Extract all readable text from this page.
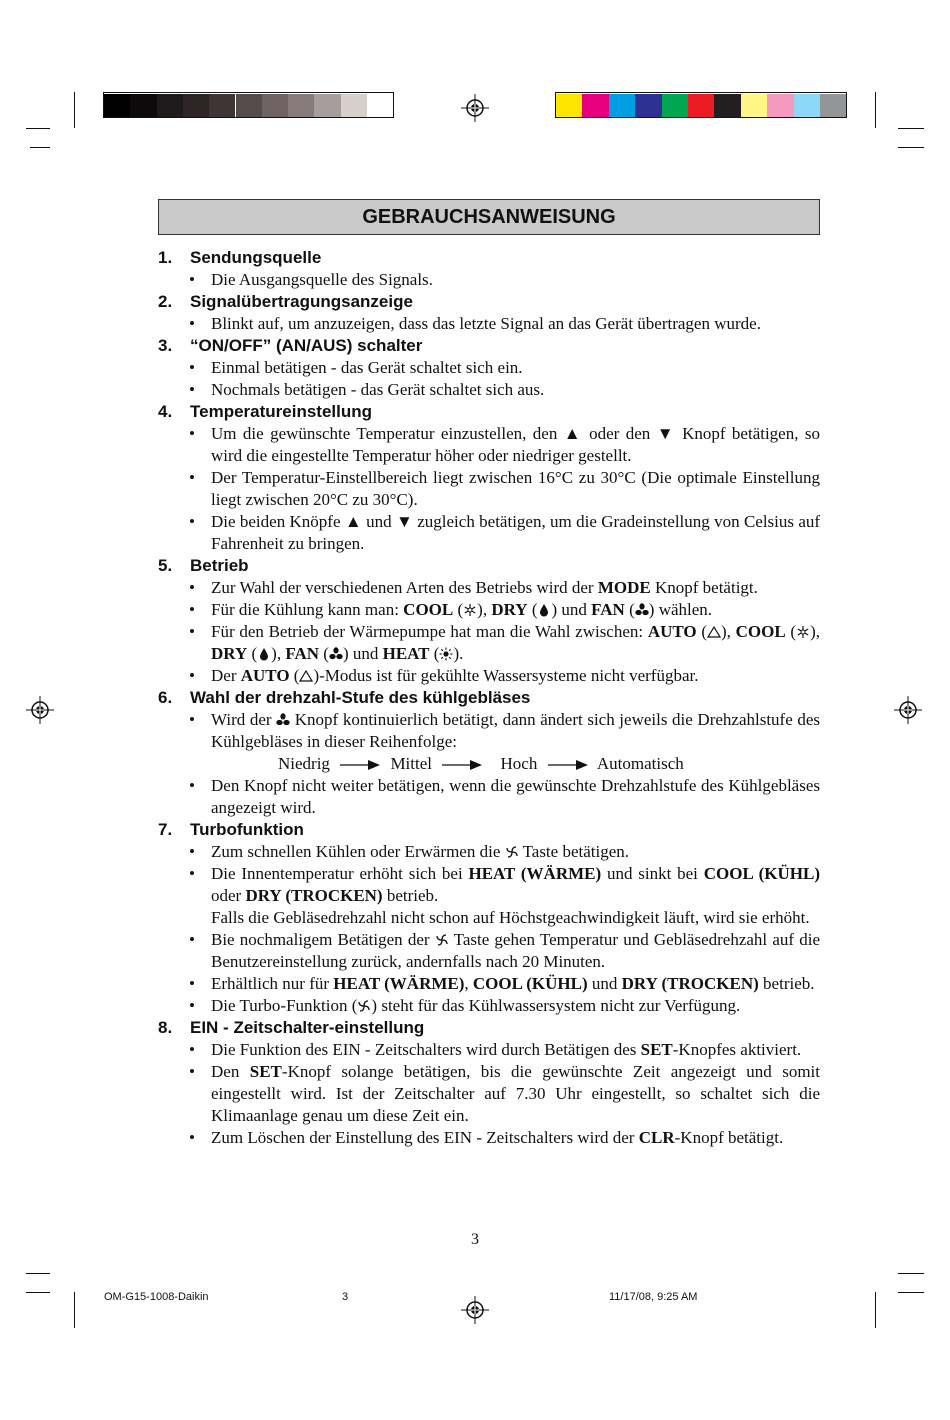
GEBRAUCHSANWEISUNG
1.	Sendungsquelle
• Die Ausgangsquelle des Signals.
2.	Signalübertragungsanzeige
• Blinkt auf, um anzuzeigen, dass das letzte Signal an das Gerät übertragen wurde.
3.	“ON/OFF” (AN/AUS) schalter
• Einmal betätigen - das Gerät schaltet sich ein.
• Nochmals betätigen - das Gerät schaltet sich aus.
4.	Temperatureinstellung
• Um die gewünschte Temperatur einzustellen, den ▲ oder den ▼ Knopf betätigen, so wird die eingestellte Temperatur höher oder niedriger gestellt.
• Der Temperatur-Einstellbereich liegt zwischen 16°C zu 30°C (Die optimale Einstellung liegt zwischen 20°C zu 30°C).
• Die beiden Knöpfe ▲ und ▼ zugleich betätigen, um die Gradeinstellung von Celsius auf Fahrenheit zu bringen.
5.	Betrieb
• Zur Wahl der verschiedenen Arten des Betriebs wird der MODE Knopf betätigt.
• Für die Kühlung kann man: COOL ( ), DRY ( ) und FAN ( ) wählen.
• Für den Betrieb der Wärmepumpe hat man die Wahl zwischen: AUTO ( ), COOL ( ), DRY ( ), FAN ( ) und HEAT ( ).
• Der AUTO ( )-Modus ist für gekühlte Wassersysteme nicht verfügbar.
6.	Wahl der drehzahl-Stufe des kühlgebläses
• Wird der Knopf kontinuierlich betätigt, dann ändert sich jeweils die Drehzahlstufe des Kühlgebläses in dieser Reihenfolge:
Niedrig	Mittel	Hoch	Automatisch
• Den Knopf nicht weiter betätigen, wenn die gewünschte Drehzahlstufe des Kühlgebläses angezeigt wird.
7.	Turbofunktion
• Zum schnellen Kühlen oder Erwärmen die Taste betätigen.
• Die Innentemperatur erhöht sich bei HEAT (WÄRME) und sinkt bei COOL (KÜHL) oder DRY (TROCKEN) betrieb.
Falls die Gebläsedrehzahl nicht schon auf Höchstgeachwindigkeit läuft, wird sie erhöht.
• Bie nochmaligem Betätigen der Taste gehen Temperatur und Gebläsedrehzahl auf die Benutzereinstellung zurück, andernfalls nach 20 Minuten.
• Erhältlich nur für HEAT (WÄRME), COOL (KÜHL) und DRY (TROCKEN) betrieb.
• Die Turbo-Funktion ( ) steht für das Kühlwassersystem nicht zur Verfügung.
8.	EIN - Zeitschalter-einstellung
• Die Funktion des EIN - Zeitschalters wird durch Betätigen des SET-Knopfes aktiviert.
• Den SET-Knopf solange betätigen, bis die gewünschte Zeit angezeigt und somit eingestellt wird. Ist der Zeitschalter auf 7.30 Uhr eingestellt, so schaltet sich die Klimaanlage genau um diese Zeit ein.
• Zum Löschen der Einstellung des EIN - Zeitschalters wird der CLR-Knopf betätigt.
3
OM-G15-1008-Daikin	3	11/17/08, 9:25 AM
